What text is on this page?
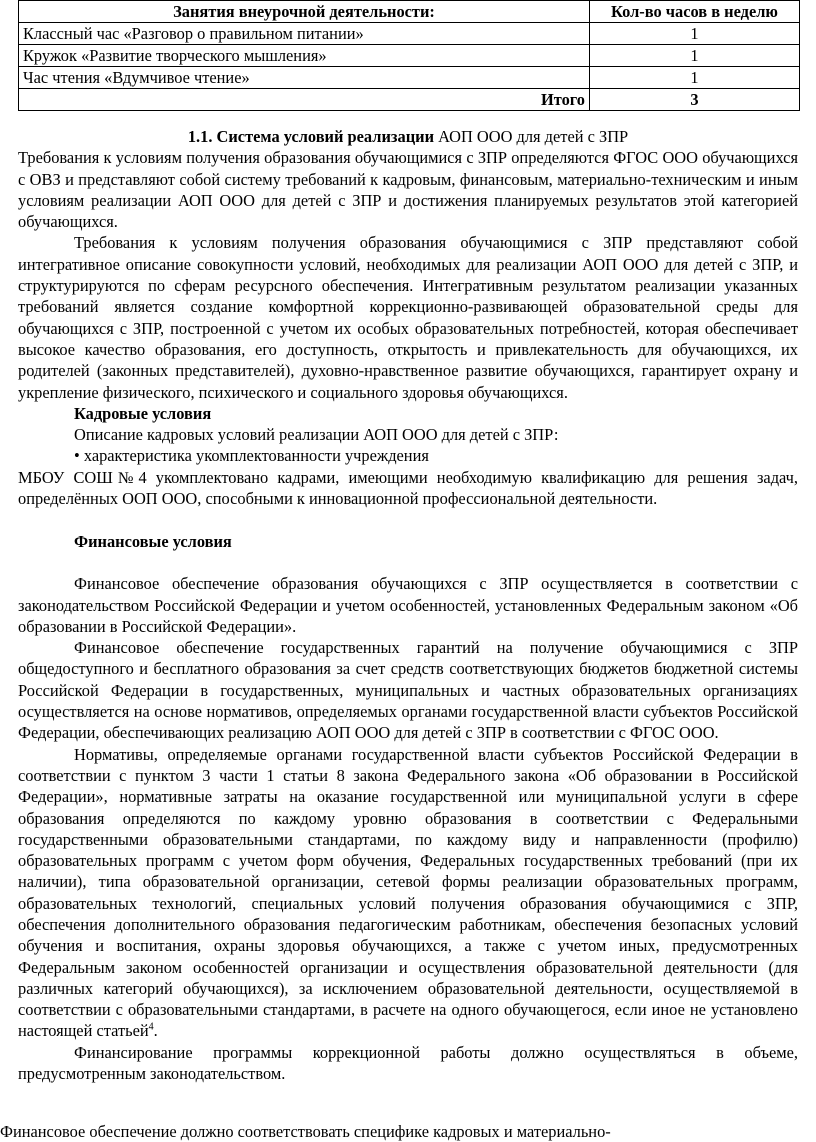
Занятия внеурочной деятельности:	Кол-во часов в неделю
Классный час «Разговор о правильном питании»	1
Кружок «Развитие творческого мышления»	1
Час чтения «Вдумчивое чтение»	1
Итого	3

1.1. Система условий реализации АОП ООО для детей с ЗПР

Требования к условиям получения образования обучающимися с ЗПР определяются ФГОС ООО обучающихся с ОВЗ и представляют собой систему требований к кадровым, финансовым, материально-техническим и иным условиям реализации АОП ООО для детей с ЗПР и достижения планируемых результатов этой категорией обучающихся.

Требования к условиям получения образования обучающимися с ЗПР представляют собой интегративное описание совокупности условий, необходимых для реализации АОП ООО для детей с ЗПР, и структурируются по сферам ресурсного обеспечения. Интегративным результатом реализации указанных требований является создание комфортной коррекционно-развивающей образовательной среды для обучающихся с ЗПР, построенной с учетом их особых образовательных потребностей, которая обеспечивает высокое качество образования, его доступность, открытость и привлекательность для обучающихся, их родителей (законных представителей), духовно-нравственное развитие обучающихся, гарантирует охрану и укрепление физического, психического и социального здоровья обучающихся.

Кадровые условия

Описание кадровых условий реализации АОП ООО для детей с ЗПР:

• характеристика укомплектованности учреждения

МБОУ СОШ№4 укомплектовано кадрами, имеющими необходимую квалификацию для решения задач, определённых ООП ООО, способными к инновационной профессиональной деятельности.

Финансовые условия

Финансовое обеспечение образования обучающихся с ЗПР осуществляется в соответствии с законодательством Российской Федерации и учетом особенностей, установленных Федеральным законом «Об образовании в Российской Федерации».

Финансовое обеспечение государственных гарантий на получение обучающимися с ЗПР общедоступного и бесплатного образования за счет средств соответствующих бюджетов бюджетной системы Российской Федерации в государственных, муниципальных и частных образовательных организациях осуществляется на основе нормативов, определяемых органами государственной власти субъектов Российской Федерации, обеспечивающих реализацию АОП ООО для детей с ЗПР в соответствии с ФГОС ООО.

Нормативы, определяемые органами государственной власти субъектов Российской Федерации в соответствии с пунктом 3 части 1 статьи 8 закона Федерального закона «Об образовании в Российской Федерации», нормативные затраты на оказание государственной или муниципальной услуги в сфере образования определяются по каждому уровню образования в соответствии с Федеральными государственными образовательными стандартами, по каждому виду и направленности (профилю) образовательных программ с учетом форм обучения, Федеральных государственных требований (при их наличии), типа образовательной организации, сетевой формы реализации образовательных программ, образовательных технологий, специальных условий получения образования обучающимися с ЗПР, обеспечения дополнительного образования педагогическим работникам, обеспечения безопасных условий обучения и воспитания, охраны здоровья обучающихся, а также с учетом иных, предусмотренных Федеральным законом особенностей организации и осуществления образовательной деятельности (для различных категорий обучающихся), за исключением образовательной деятельности, осуществляемой в соответствии с образовательными стандартами, в расчете на одного обучающегося, если иное не установлено настоящей статьей$^4$.

Финансирование программы коррекционной работы должно осуществляться в объеме, предусмотренным законодательством.

Финансовое обеспечение должно соответствовать специфике кадровых и материально-
